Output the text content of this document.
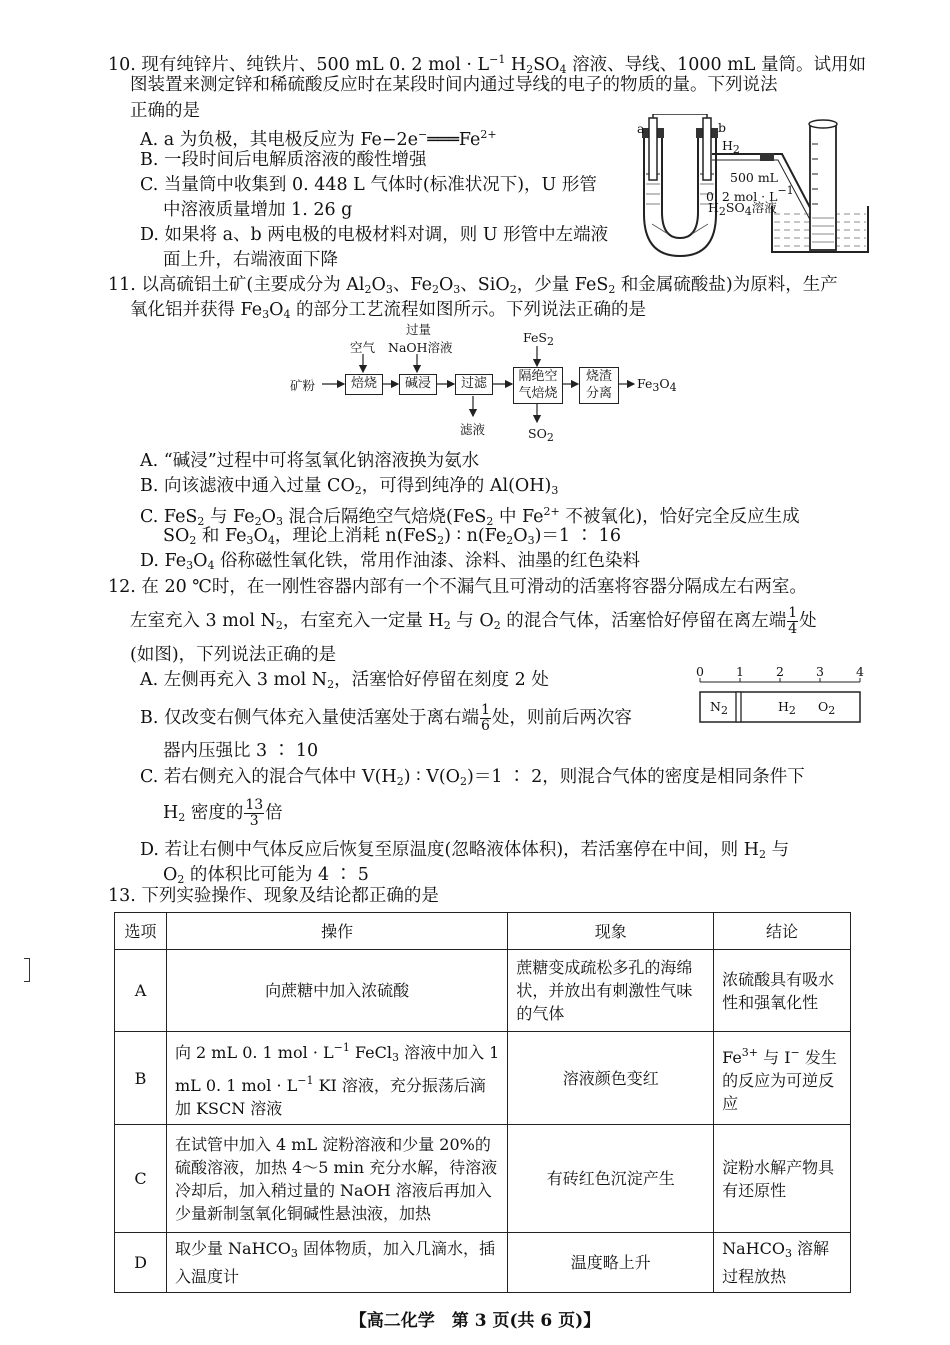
10. 现有纯锌片、纯铁片、500 mL 0. 2 mol · $L^{-1}$ $H_2SO_4$ 溶液、导线、1000 mL 量筒。试用如
图装置来测定锌和稀硫酸反应时在某段时间内通过导线的电子的物质的量。下列说法
正确的是
A. a 为负极，其电极反应为 $Fe-2e^-═══Fe^{2+}$
B. 一段时间后电解质溶液的酸性增强
C. 当量筒中收集到 0. 448 L 气体时(标准状况下)，U 形管
中溶液质量增加 1. 26 g
D. 如果将 a、b 两电极的电极材料对调，则 U 形管中左端液
面上升，右端液面下降
a	b
H2
500 mL
0. 2 mol · L−1
H2SO4溶液
11. 以高硫铝土矿(主要成分为 $Al_2O_3$、$Fe_2O_3$、SiO$_2$，少量 FeS$_2$ 和金属硫酸盐)为原料，生产
氧化铝并获得 $Fe_3O_4$ 的部分工艺流程如图所示。下列说法正确的是
矿粉
空气
过量
NaOH溶液
FeS2
焙烧	碱浸	过滤	隔绝空
气焙烧
烧渣
分离
Fe3O4
滤液	SO2
A. “碱浸”过程中可将氢氧化钠溶液换为氨水
B. 向该滤液中通入过量 $CO_2$，可得到纯净的 $Al(OH)_3$
C. FeS$_2$ 与 $Fe_2O_3$ 混合后隔绝空气焙烧(FeS$_2$ 中 $Fe^{2+}$ 不被氧化)，恰好完全反应生成
$SO_2$ 和 $Fe_3O_4$，理论上消耗 n(FeS$_2$) ∶ $n(Fe_2O_3)=1$ ∶ 16
D. $Fe_3O_4$ 俗称磁性氧化铁，常用作油漆、涂料、油墨的红色染料
12. 在 20 ℃时，在一刚性容器内部有一个不漏气且可滑动的活塞将容器分隔成左右两室。
左室充入 3 mol $N_2$，右室充入一定量 $H_2$ 与 $O_2$ 的混合气体，活塞恰好停留在离左端 $\frac{1}{4}$ 处
(如图)，下列说法正确的是
A. 左侧再充入 3 mol $N_2$，活塞恰好停留在刻度 2 处
B. 仅改变右侧气体充入量使活塞处于离右端 $\frac{1}{6}$ 处，则前后两次容
器内压强比 3 ∶ 10
C. 若右侧充入的混合气体中 $V(H_2)$ ∶ $V(O_2)=1$ ∶ 2，则混合气体的密度是相同条件下
$H_2$ 密度的 $\frac{13}{3}$ 倍
D. 若让右侧中气体反应后恢复至原温度(忽略液体体积)，若活塞停在中间，则 $H_2$ 与
$O_2$ 的体积比可能为 4 ∶ 5
0	1	2	3	4
N2	H2 O2
13. 下列实验操作、现象及结论都正确的是
选项	操作	现象	结论
A	向蔗糖中加入浓硫酸	蔗糖变成疏松多孔的海绵状，并放出有刺激性气味的气体	浓硫酸具有吸水性和强氧化性
B	向 2 mL 0. 1 mol · $L^{-1}$ FeCl$_3$ 溶液中加入 1 mL 0. 1 mol · $L^{-1}$ KI 溶液，充分振荡后滴加 KSCN 溶液	溶液颜色变红	$Fe^{3+}$ 与 I− 发生的反应为可逆反应
C	在试管中加入 4 mL 淀粉溶液和少量 20%的硫酸溶液，加热 4～5 min 充分水解，待溶液冷却后，加入稍过量的 NaOH 溶液后再加入少量新制氢氧化铜碱性悬浊液，加热	有砖红色沉淀产生	淀粉水解产物具有还原性
D	取少量 NaHCO$_3$ 固体物质，加入几滴水，插入温度计	温度略上升	NaHCO$_3$ 溶解过程放热
【高二化学　第 3 页(共 6 页)】
